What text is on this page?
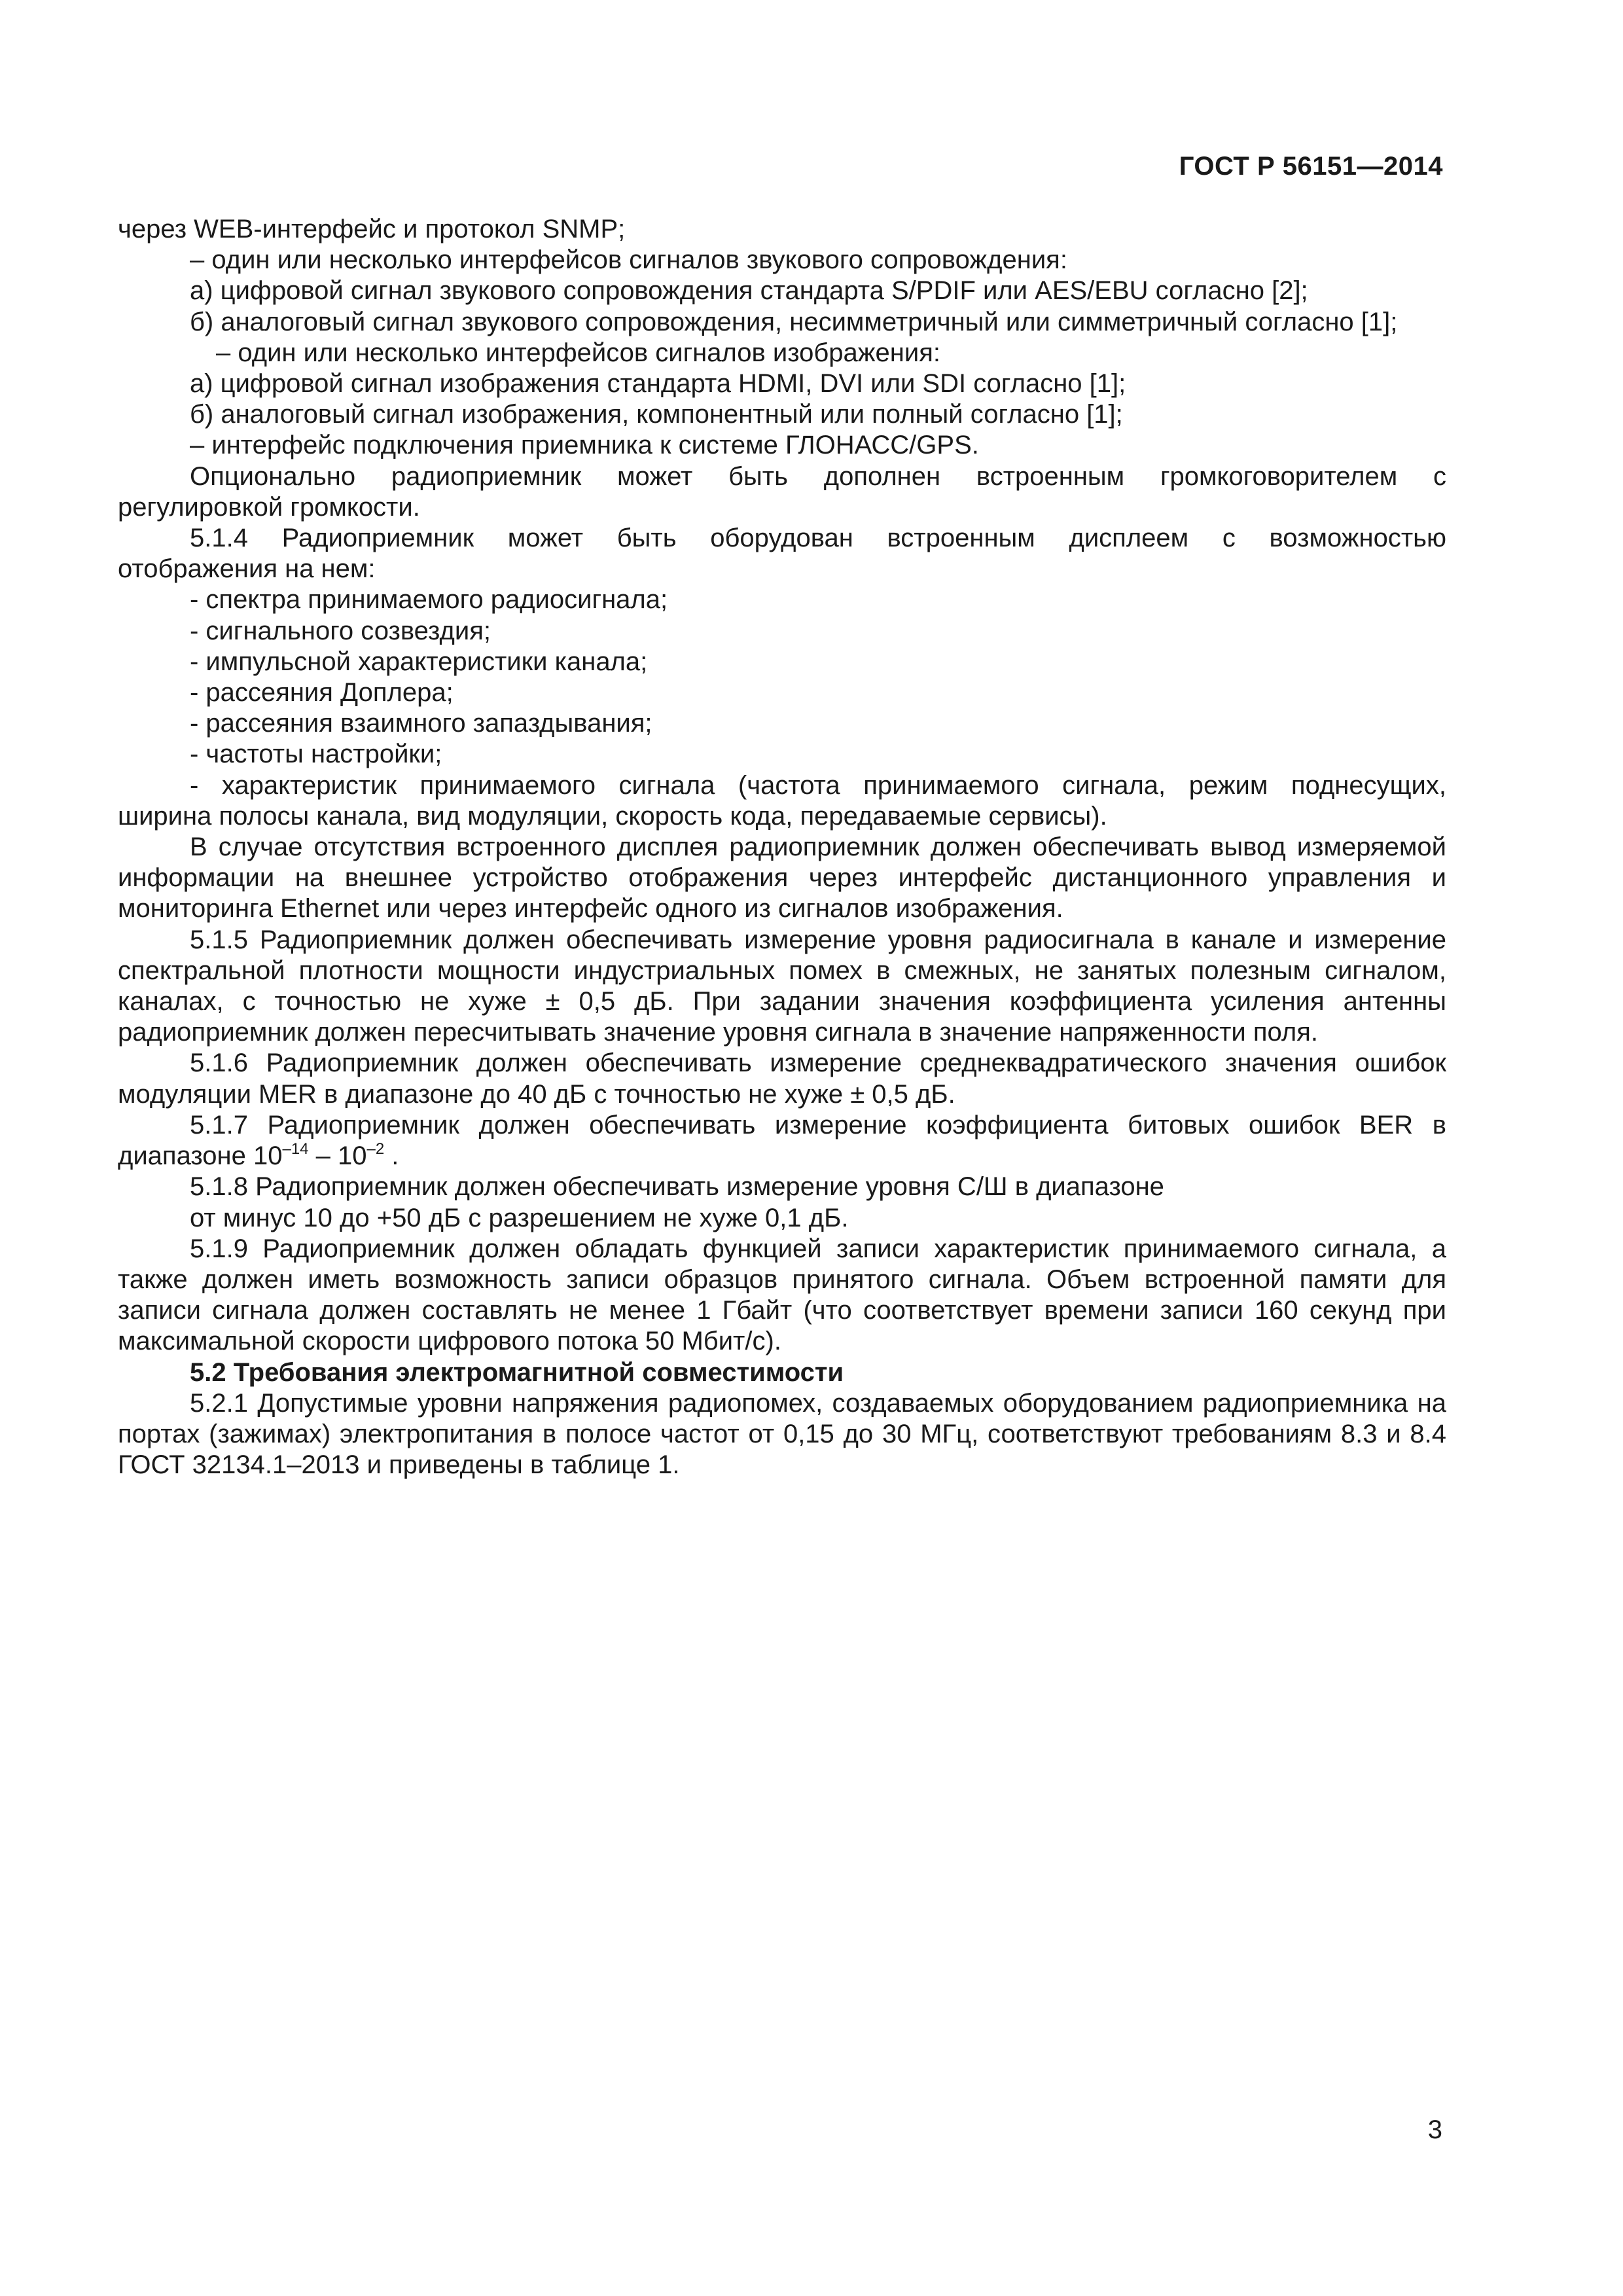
ГОСТ Р 56151—2014
через WEB-интерфейс и протокол SNMP;
– один или несколько интерфейсов сигналов звукового сопровождения:
а) цифровой сигнал звукового сопровождения стандарта S/PDIF или AES/EBU согласно [2];
б) аналоговый сигнал звукового сопровождения, несимметричный или симметричный согласно [1];
– один или несколько интерфейсов сигналов изображения:
а) цифровой сигнал изображения стандарта HDMI, DVI или SDI согласно [1];
б) аналоговый сигнал изображения, компонентный или полный согласно [1];
– интерфейс подключения приемника к системе ГЛОНАСС/GPS.
Опционально радиоприемник может быть дополнен встроенным громкоговорителем с
регулировкой громкости.
5.1.4 Радиоприемник может быть оборудован встроенным дисплеем с возможностью
отображения на нем:
- спектра принимаемого радиосигнала;
- сигнального созвездия;
- импульсной характеристики канала;
- рассеяния Доплера;
- рассеяния взаимного запаздывания;
- частоты настройки;
- характеристик принимаемого сигнала (частота принимаемого сигнала, режим поднесущих,
ширина полосы канала, вид модуляции, скорость кода, передаваемые сервисы).
В случае отсутствия встроенного дисплея радиоприемник должен обеспечивать вывод измеряемой информации на внешнее устройство отображения через интерфейс дистанционного управления и мониторинга Ethernet или через интерфейс одного из сигналов изображения.
5.1.5 Радиоприемник должен обеспечивать измерение уровня радиосигнала в канале и измерение спектральной плотности мощности индустриальных помех в смежных, не занятых полезным сигналом, каналах, с точностью не хуже ± 0,5 дБ. При задании значения коэффициента усиления антенны радиоприемник должен пересчитывать значение уровня сигнала в значение напряженности поля.
5.1.6 Радиоприемник должен обеспечивать измерение среднеквадратического значения ошибок модуляции MER в диапазоне до 40 дБ с точностью не хуже ± 0,5 дБ.
5.1.7 Радиоприемник должен обеспечивать измерение коэффициента битовых ошибок BER в
диапазоне $10^{-14} - 10^{-2}$ .
5.1.8 Радиоприемник должен обеспечивать измерение уровня С/Ш в диапазоне
от минус 10 до +50 дБ с разрешением не хуже 0,1 дБ.
5.1.9 Радиоприемник должен обладать функцией записи характеристик принимаемого сигнала, а также должен иметь возможность записи образцов принятого сигнала. Объем встроенной памяти для записи сигнала должен составлять не менее 1 Гбайт (что соответствует времени записи 160 секунд при максимальной скорости цифрового потока 50 Мбит/с).
5.2 Требования электромагнитной совместимости
5.2.1 Допустимые уровни напряжения радиопомех, создаваемых оборудованием радиоприемника на портах (зажимах) электропитания в полосе частот от 0,15 до 30 МГц, соответствуют требованиям 8.3 и 8.4 ГОСТ 32134.1–2013 и приведены в таблице 1.
3
